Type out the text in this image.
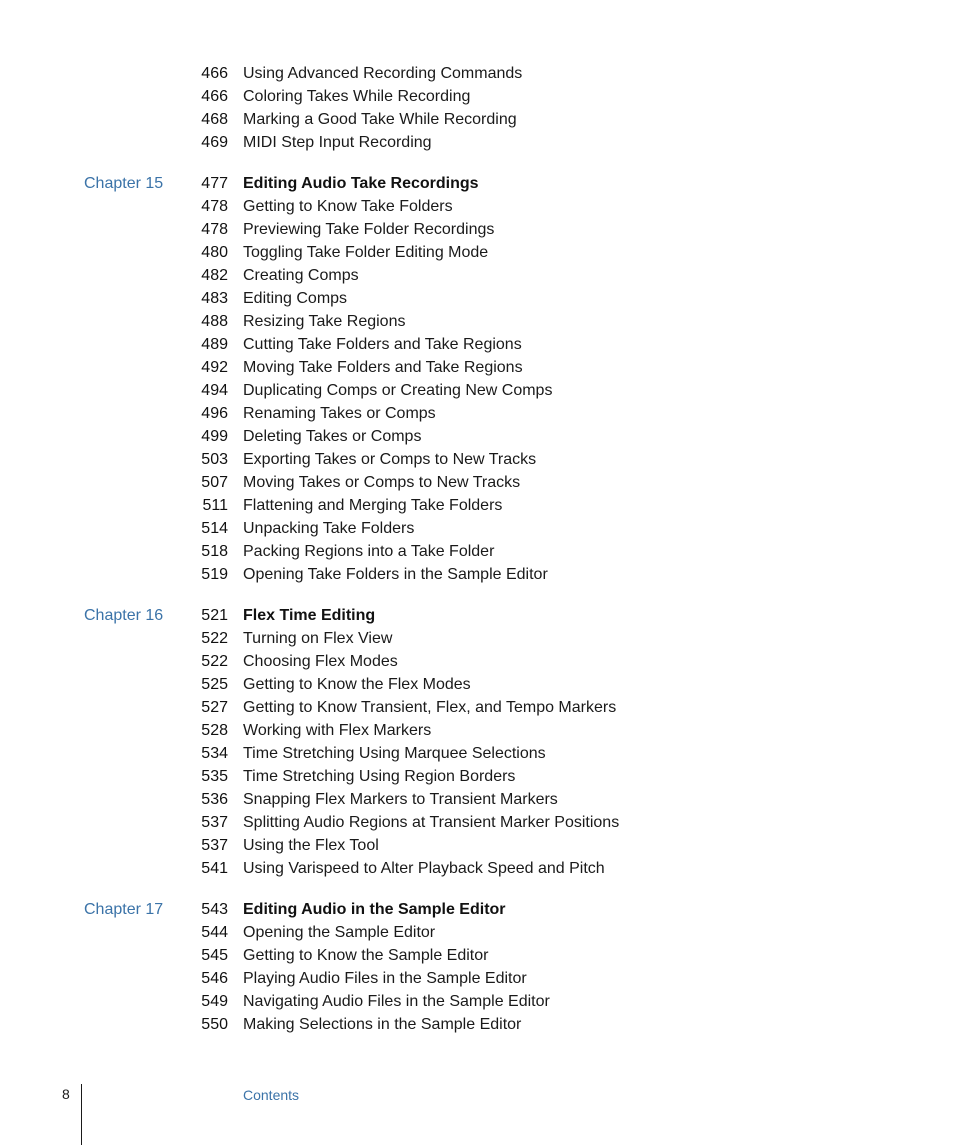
466 Using Advanced Recording Commands
466 Coloring Takes While Recording
468 Marking a Good Take While Recording
469 MIDI Step Input Recording
Chapter 15	477 Editing Audio Take Recordings
478 Getting to Know Take Folders
478 Previewing Take Folder Recordings
480 Toggling Take Folder Editing Mode
482 Creating Comps
483 Editing Comps
488 Resizing Take Regions
489 Cutting Take Folders and Take Regions
492 Moving Take Folders and Take Regions
494 Duplicating Comps or Creating New Comps
496 Renaming Takes or Comps
499 Deleting Takes or Comps
503 Exporting Takes or Comps to New Tracks
507 Moving Takes or Comps to New Tracks
511 Flattening and Merging Take Folders
514 Unpacking Take Folders
518 Packing Regions into a Take Folder
519 Opening Take Folders in the Sample Editor
Chapter 16	521 Flex Time Editing
522 Turning on Flex View
522 Choosing Flex Modes
525 Getting to Know the Flex Modes
527 Getting to Know Transient, Flex, and Tempo Markers
528 Working with Flex Markers
534 Time Stretching Using Marquee Selections
535 Time Stretching Using Region Borders
536 Snapping Flex Markers to Transient Markers
537 Splitting Audio Regions at Transient Marker Positions
537 Using the Flex Tool
541 Using Varispeed to Alter Playback Speed and Pitch
Chapter 17	543 Editing Audio in the Sample Editor
544 Opening the Sample Editor
545 Getting to Know the Sample Editor
546 Playing Audio Files in the Sample Editor
549 Navigating Audio Files in the Sample Editor
550 Making Selections in the Sample Editor
8	Contents
